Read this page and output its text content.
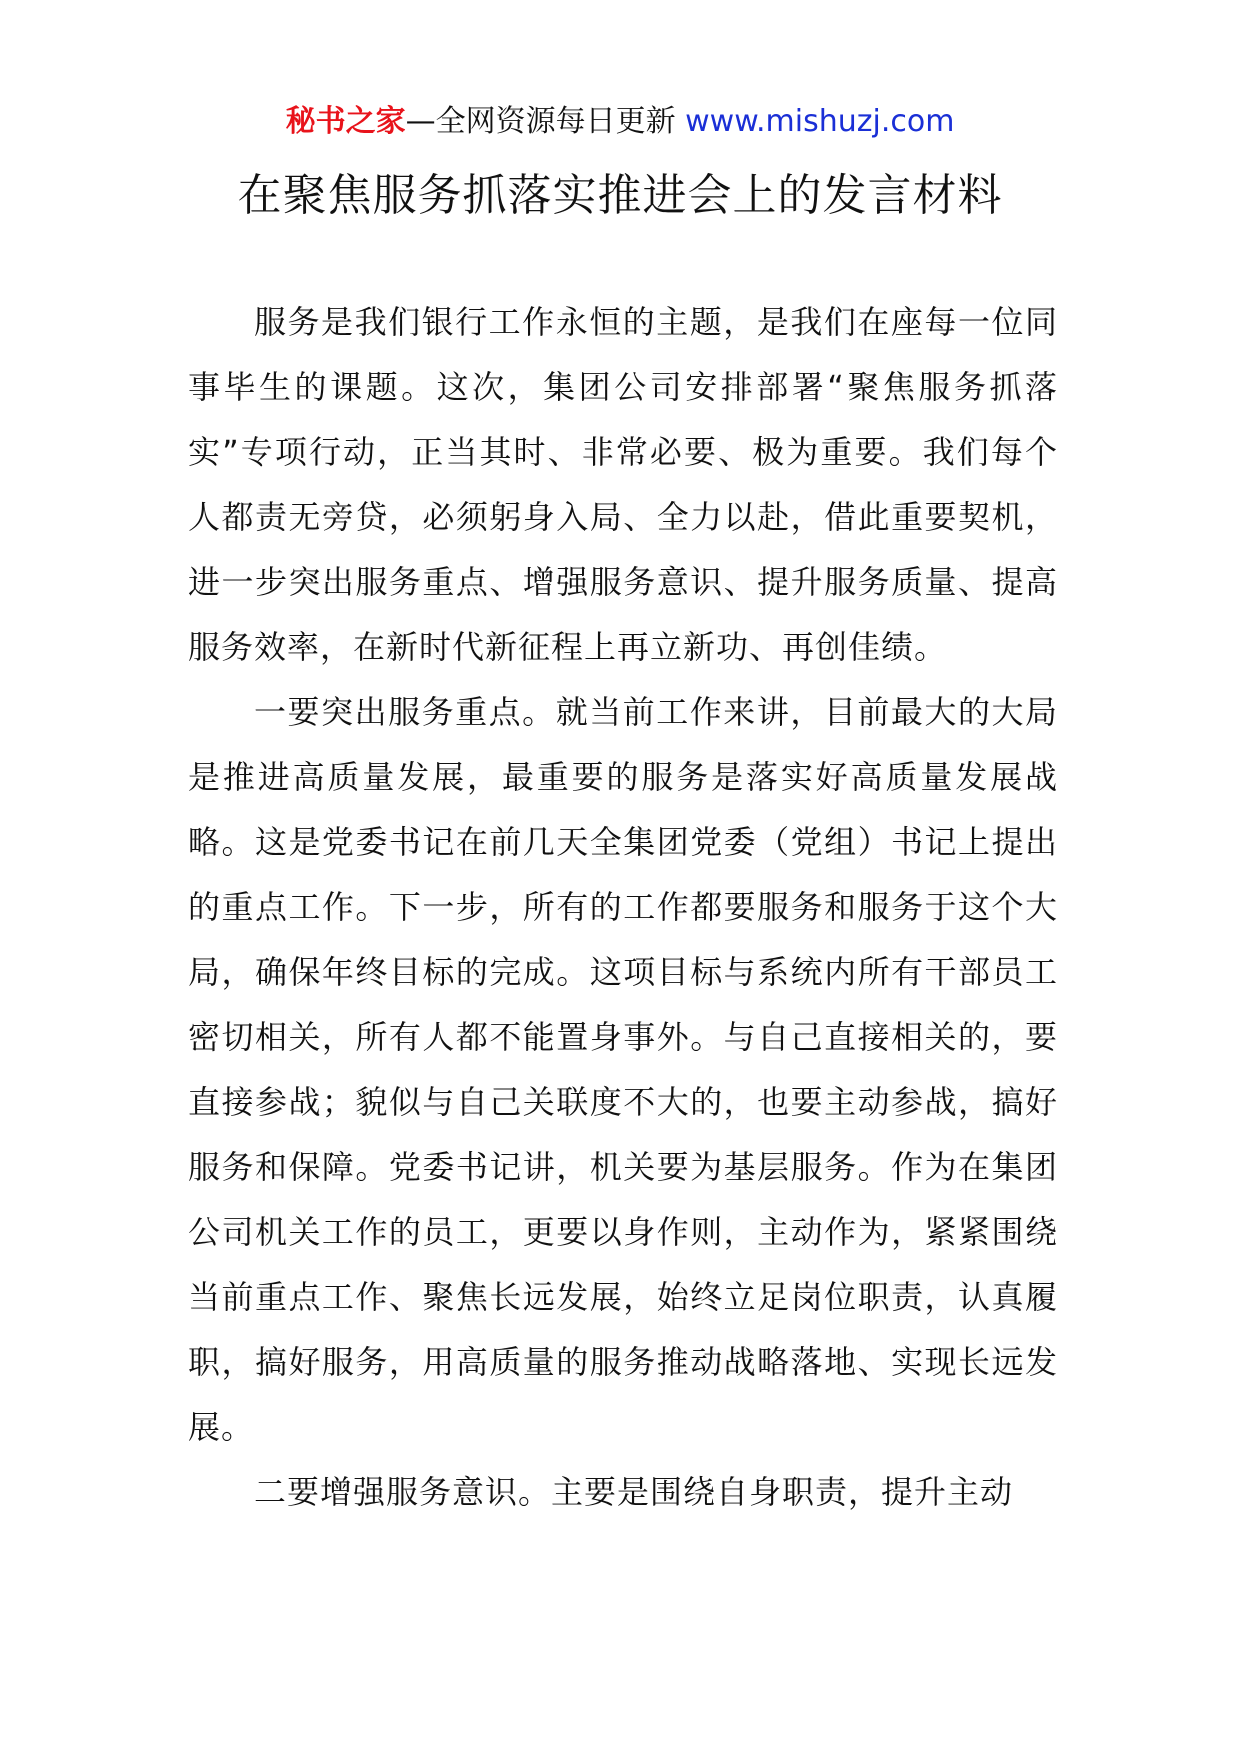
秘书之家—全网资源每日更新 www.mishuzj.com
在聚焦服务抓落实推进会上的发言材料

服务是我们银行工作永恒的主题，是我们在座每一位同事毕生的课题。这次，集团公司安排部署“聚焦服务抓落实”专项行动，正当其时、非常必要、极为重要。我们每个人都责无旁贷，必须躬身入局、全力以赴，借此重要契机，进一步突出服务重点、增强服务意识、提升服务质量、提高服务效率，在新时代新征程上再立新功、再创佳绩。

一要突出服务重点。就当前工作来讲，目前最大的大局是推进高质量发展，最重要的服务是落实好高质量发展战略。这是党委书记在前几天全集团党委（党组）书记上提出的重点工作。下一步，所有的工作都要服务和服务于这个大局，确保年终目标的完成。这项目标与系统内所有干部员工密切相关，所有人都不能置身事外。与自己直接相关的，要直接参战；貌似与自己关联度不大的，也要主动参战，搞好服务和保障。党委书记讲，机关要为基层服务。作为在集团公司机关工作的员工，更要以身作则，主动作为，紧紧围绕当前重点工作、聚焦长远发展，始终立足岗位职责，认真履职，搞好服务，用高质量的服务推动战略落地、实现长远发展。

二要增强服务意识。主要是围绕自身职责，提升主动
